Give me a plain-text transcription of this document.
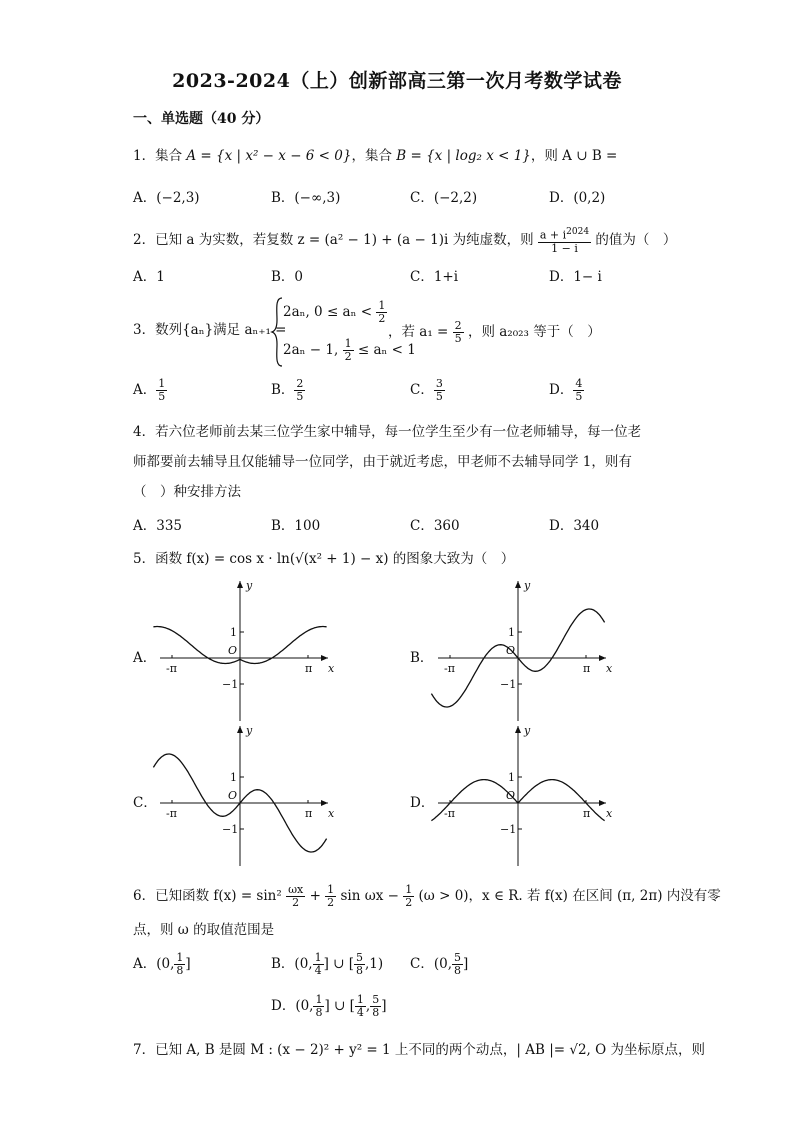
2023-2024（上）创新部高三第一次月考数学试卷
一、单选题（40 分）
1．集合 A = {x | x² − x − 6 < 0}，集合 B = {x | log₂ x < 1}，则 A ∪ B =
A．(−2,3)	B．(−∞,3)	C．(−2,2)	D．(0,2)
2．已知 a 为实数，若复数 z = (a² − 1) + (a − 1)i 为纯虚数，则 $\frac{a + i^{2024}}{1 - i}$ 的值为（　）
A．1	B．0	C．1+i	D．1− i
3．数列{aₙ}满足 aₙ₊₁ =
2aₙ, $0 \le a_n < \frac{1}{2}$
2aₙ − 1, $\frac{1}{2} \le a_n < 1$
，若 $a_1 = \frac{2}{5}$ ，则 a₂₀₂₃ 等于（　）
A． $\frac{1}{5}$	B． $\frac{2}{5}$	C． $\frac{3}{5}$	D． $\frac{4}{5}$
4．若六位老师前去某三位学生家中辅导，每一位学生至少有一位老师辅导，每一位老
师都要前去辅导且仅能辅导一位同学，由于就近考虑，甲老师不去辅导同学 1，则有
（　）种安排方法
A．335	B．100	C．360	D．340
5．函数 f(x) = cos x · ln(√(x² + 1) − x) 的图象大致为（　）
A．	B．
C．	D．
y
x
O
1
−1
-π	π
y
x
O
1
−1
-π	π
y
x
O
1
−1
-π	π
y
x
O
1
−1
-π	π
6．已知函数 $f(x) = \sin^2 \frac{\omega x}{2} + \frac{1}{2}$ $\sin \omega x - \frac{1}{2} (\omega > 0)$，x ∈ R. 若 f(x) 在区间 (π, 2π) 内没有零
点，则 ω 的取值范围是
A．(0, $\frac{1}{8}$ ]	B．(0, $\frac{1}{4}$ ] ∪ [ $\frac{5}{8} ,1$) C．(0, $\frac{5}{8}$ ]
D．(0, $\frac{1}{8}$ ] ∪ [ $\frac{1}{4}$ , $\frac{5}{8}$ ]
7．已知 A, B 是圆 M : (x − 2)² + y² = 1 上不同的两个动点，| AB |= √2, O 为坐标原点，则
